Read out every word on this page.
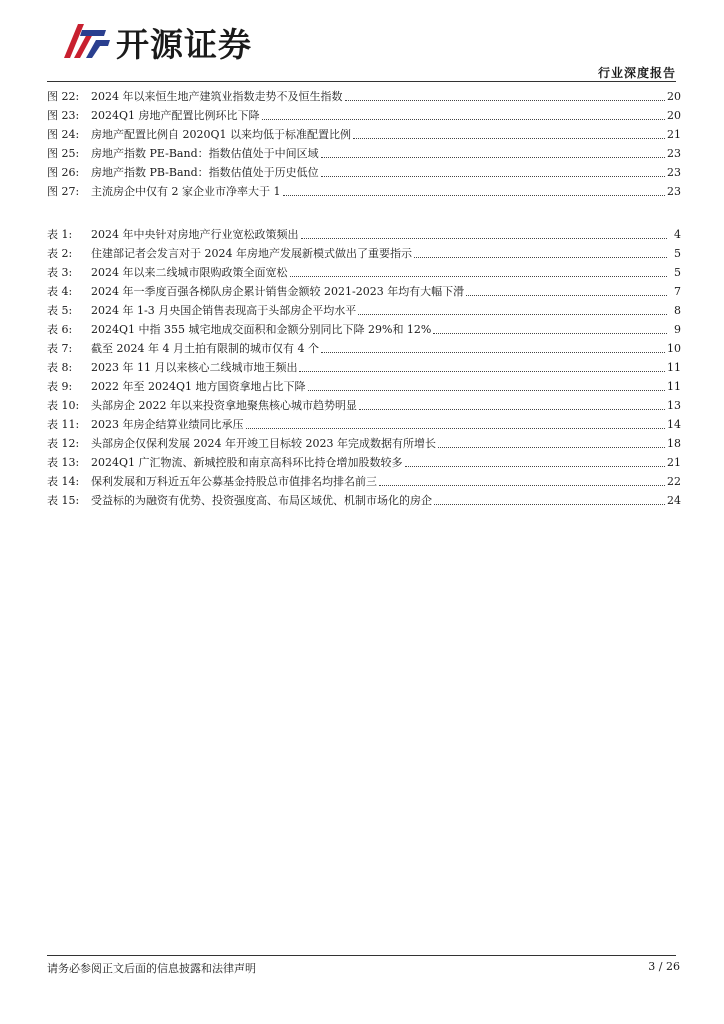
开源证券
行业深度报告
图 22:	2024 年以来恒生地产建筑业指数走势不及恒生指数	20
图 23:	2024Q1 房地产配置比例环比下降	20
图 24:	房地产配置比例自 2020Q1 以来均低于标准配置比例	21
图 25:	房地产指数 PE-Band：指数估值处于中间区域	23
图 26:	房地产指数 PB-Band：指数估值处于历史低位	23
图 27:	主流房企中仅有 2 家企业市净率大于 1	23
表 1:	2024 年中央针对房地产行业宽松政策频出	4
表 2:	住建部记者会发言对于 2024 年房地产发展新模式做出了重要指示	5
表 3:	2024 年以来二线城市限购政策全面宽松	5
表 4:	2024 年一季度百强各梯队房企累计销售金额较 2021-2023 年均有大幅下滑	7
表 5:	2024 年 1-3 月央国企销售表现高于头部房企平均水平	8
表 6:	2024Q1 中指 355 城宅地成交面积和金额分别同比下降 29%和 12%	9
表 7:	截至 2024 年 4 月土拍有限制的城市仅有 4 个	10
表 8:	2023 年 11 月以来核心二线城市地王频出	11
表 9:	2022 年至 2024Q1 地方国资拿地占比下降	11
表 10:	头部房企 2022 年以来投资拿地聚焦核心城市趋势明显	13
表 11:	2023 年房企结算业绩同比承压	14
表 12:	头部房企仅保利发展 2024 年开竣工目标较 2023 年完成数据有所增长	18
表 13:	2024Q1 广汇物流、新城控股和南京高科环比持仓增加股数较多	21
表 14:	保利发展和万科近五年公募基金持股总市值排名均排名前三	22
表 15:	受益标的为融资有优势、投资强度高、布局区域优、机制市场化的房企	24
请务必参阅正文后面的信息披露和法律声明	3 / 26
